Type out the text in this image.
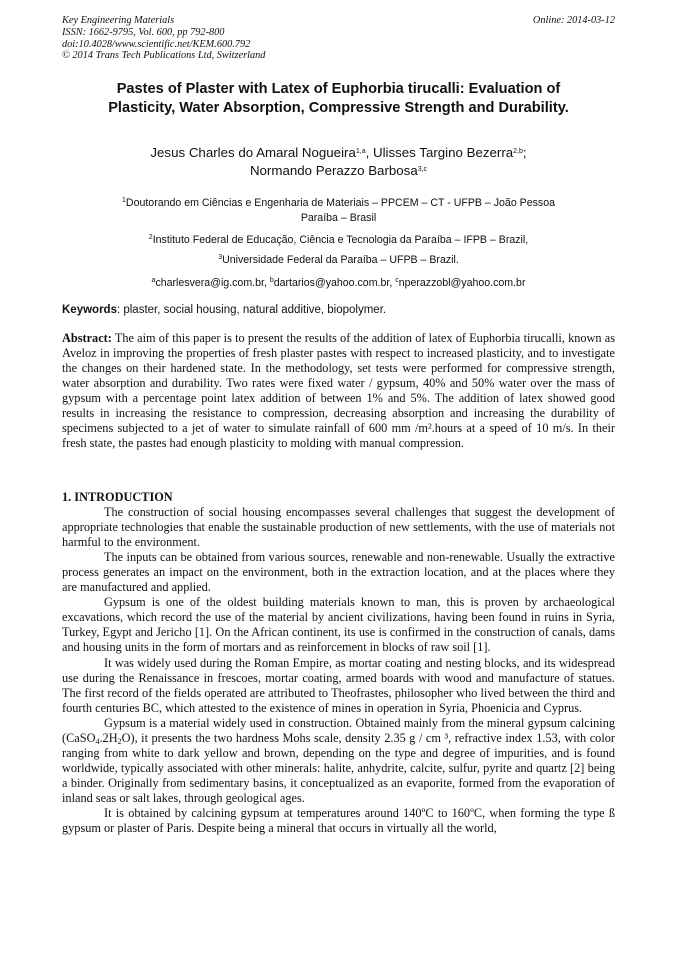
Key Engineering Materials
ISSN: 1662-9795, Vol. 600, pp 792-800
doi:10.4028/www.scientific.net/KEM.600.792
© 2014 Trans Tech Publications Ltd, Switzerland
Online: 2014-03-12
Pastes of Plaster with Latex of Euphorbia tirucalli: Evaluation of
Plasticity, Water Absorption, Compressive Strength and Durability.
Jesus Charles do Amaral Nogueira$^{1,a}$, Ulisses Targino Bezerra$^{2,b}$;
Normando Perazzo Barbosa$^{3,c}$
$^1$Doutorando em Ciências e Engenharia de Materiais – PPCEM – CT - UFPB – João Pessoa
Paraíba – Brasil
$^2$Instituto Federal de Educação, Ciência e Tecnologia da Paraíba – IFPB – Brazil,
$^3$Universidade Federal da Paraíba – UFPB – Brazil.
$^a$charlesvera@ig.com.br, $^b$dartarios@yahoo.com.br, $^c$nperazzobl@yahoo.com.br
Keywords: plaster, social housing, natural additive, biopolymer.

Abstract: The aim of this paper is to present the results of the addition of latex of Euphorbia tirucalli, known as Aveloz in improving the properties of fresh plaster pastes with respect to increased plasticity, and to investigate the changes on their hardened state. In the methodology, set tests were performed for compressive strength, water absorption and durability. Two rates were fixed water / gypsum, 40% and 50% water over the mass of gypsum with a percentage point latex addition of between 1% and 5%. The addition of latex showed good results in increasing the resistance to compression, decreasing absorption and increasing the durability of specimens subjected to a jet of water to simulate rainfall of 600 mm /m².hours at a speed of 10 m/s. In their fresh state, the pastes had enough plasticity to molding with manual compression.

1. INTRODUCTION

The construction of social housing encompasses several challenges that suggest the development of appropriate technologies that enable the sustainable production of new settlements, with the use of materials not harmful to the environment.

The inputs can be obtained from various sources, renewable and non-renewable. Usually the extractive process generates an impact on the environment, both in the extraction location, and at the places where they are manufactured and applied.

Gypsum is one of the oldest building materials known to man, this is proven by archaeological excavations, which record the use of the material by ancient civilizations, having been found in ruins in Syria, Turkey, Egypt and Jericho [1]. On the African continent, its use is confirmed in the construction of canals, dams and housing units in the form of mortars and as reinforcement in blocks of raw soil [1].

It was widely used during the Roman Empire, as mortar coating and nesting blocks, and its widespread use during the Renaissance in frescoes, mortar coating, armed boards with wood and manufacture of statues. The first record of the fields operated are attributed to Theofrastes, philosopher who lived between the third and fourth centuries BC, which attested to the existence of mines in operation in Syria, Phoenicia and Cyprus.

Gypsum is a material widely used in construction. Obtained mainly from the mineral gypsum calcining $(CaSO_4.2H_2O)$, it presents the two hardness Mohs scale, density 2.35 g / cm ³, refractive index 1.53, with color ranging from white to dark yellow and brown, depending on the type and degree of impurities, and is found worldwide, typically associated with other minerals: halite, anhydrite, calcite, sulfur, pyrite and quartz [2] being a binder. Originally from sedimentary basins, it conceptualized as an evaporite, formed from the evaporation of inland seas or salt lakes, through geological ages.

It is obtained by calcining gypsum at temperatures around 140ºC to 160ºC, when forming the type ß gypsum or plaster of Paris. Despite being a mineral that occurs in virtually all the world,
